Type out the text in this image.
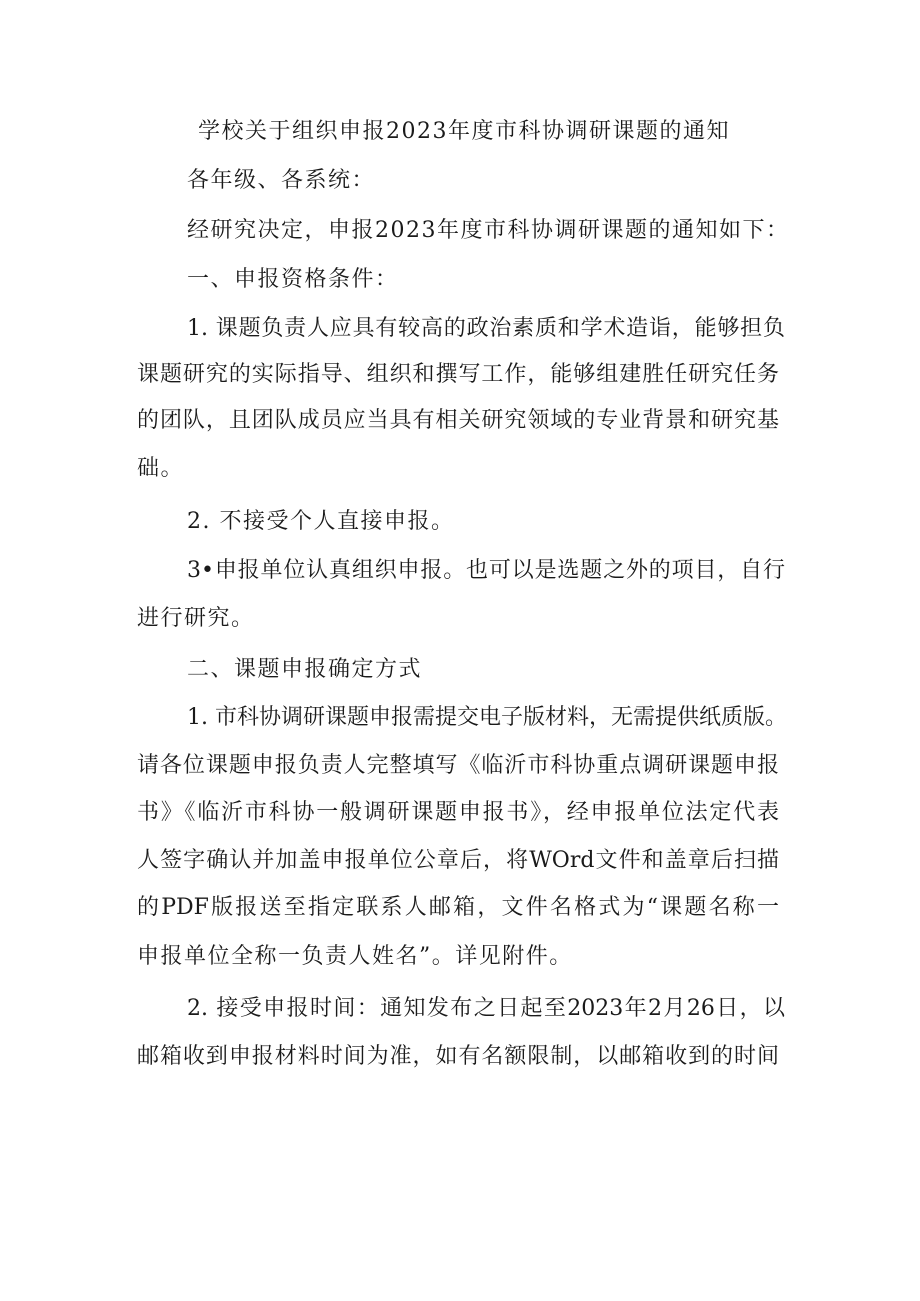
学校关于组织申报2023年度市科协调研课题的通知
各年级、各系统：
经研究决定，申报2023年度市科协调研课题的通知如下：
一、申报资格条件：
1. 课题负责人应具有较高的政治素质和学术造诣，能够担负
课题研究的实际指导、组织和撰写工作，能够组建胜任研究任务
的团队，且团队成员应当具有相关研究领域的专业背景和研究基
础。
2. 不接受个人直接申报。
3•申报单位认真组织申报。也可以是选题之外的项目，自行
进行研究。
二、课题申报确定方式
1. 市科协调研课题申报需提交电子版材料，无需提供纸质版。
请各位课题申报负责人完整填写《临沂市科协重点调研课题申报
书》《临沂市科协一般调研课题申报书》，经申报单位法定代表
人签字确认并加盖申报单位公章后，将WOrd文件和盖章后扫描
的PDF版报送至指定联系人邮箱，文件名格式为“课题名称一
申报单位全称一负责人姓名”。详见附件。
2. 接受申报时间：通知发布之日起至2023年2月26日，以
邮箱收到申报材料时间为准，如有名额限制，以邮箱收到的时间
